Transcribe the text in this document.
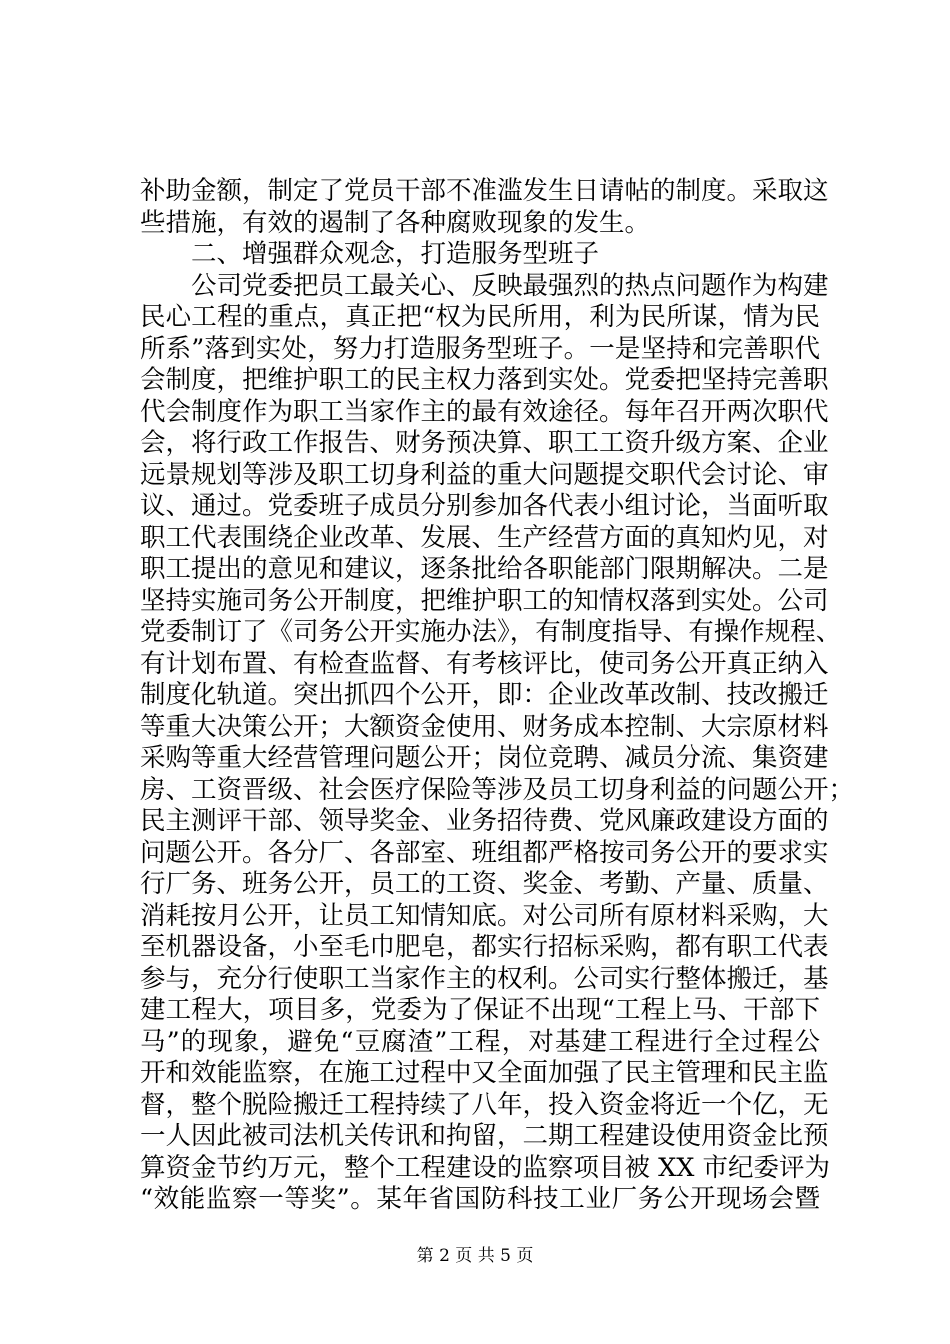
补助金额，制定了党员干部不准滥发生日请帖的制度。采取这
些措施，有效的遏制了各种腐败现象的发生。
二、增强群众观念，打造服务型班子
公司党委把员工最关心、反映最强烈的热点问题作为构建
民心工程的重点，真正把“权为民所用，利为民所谋，情为民
所系”落到实处，努力打造服务型班子。一是坚持和完善职代
会制度，把维护职工的民主权力落到实处。党委把坚持完善职
代会制度作为职工当家作主的最有效途径。每年召开两次职代
会，将行政工作报告、财务预决算、职工工资升级方案、企业
远景规划等涉及职工切身利益的重大问题提交职代会讨论、审
议、通过。党委班子成员分别参加各代表小组讨论，当面听取
职工代表围绕企业改革、发展、生产经营方面的真知灼见，对
职工提出的意见和建议，逐条批给各职能部门限期解决。二是
坚持实施司务公开制度，把维护职工的知情权落到实处。公司
党委制订了《司务公开实施办法》，有制度指导、有操作规程、
有计划布置、有检查监督、有考核评比，使司务公开真正纳入
制度化轨道。突出抓四个公开，即：企业改革改制、技改搬迁
等重大决策公开；大额资金使用、财务成本控制、大宗原材料
采购等重大经营管理问题公开；岗位竞聘、减员分流、集资建
房、工资晋级、社会医疗保险等涉及员工切身利益的问题公开；
民主测评干部、领导奖金、业务招待费、党风廉政建设方面的
问题公开。各分厂、各部室、班组都严格按司务公开的要求实
行厂务、班务公开，员工的工资、奖金、考勤、产量、质量、
消耗按月公开，让员工知情知底。对公司所有原材料采购，大
至机器设备，小至毛巾肥皂，都实行招标采购，都有职工代表
参与，充分行使职工当家作主的权利。公司实行整体搬迁，基
建工程大，项目多，党委为了保证不出现“工程上马、干部下
马”的现象，避免“豆腐渣”工程，对基建工程进行全过程公
开和效能监察，在施工过程中又全面加强了民主管理和民主监
督，整个脱险搬迁工程持续了八年，投入资金将近一个亿，无
一人因此被司法机关传讯和拘留，二期工程建设使用资金比预
算资金节约万元，整个工程建设的监察项目被 XX 市纪委评为
“效能监察一等奖”。某年省国防科技工业厂务公开现场会暨
第 2 页 共 5 页
